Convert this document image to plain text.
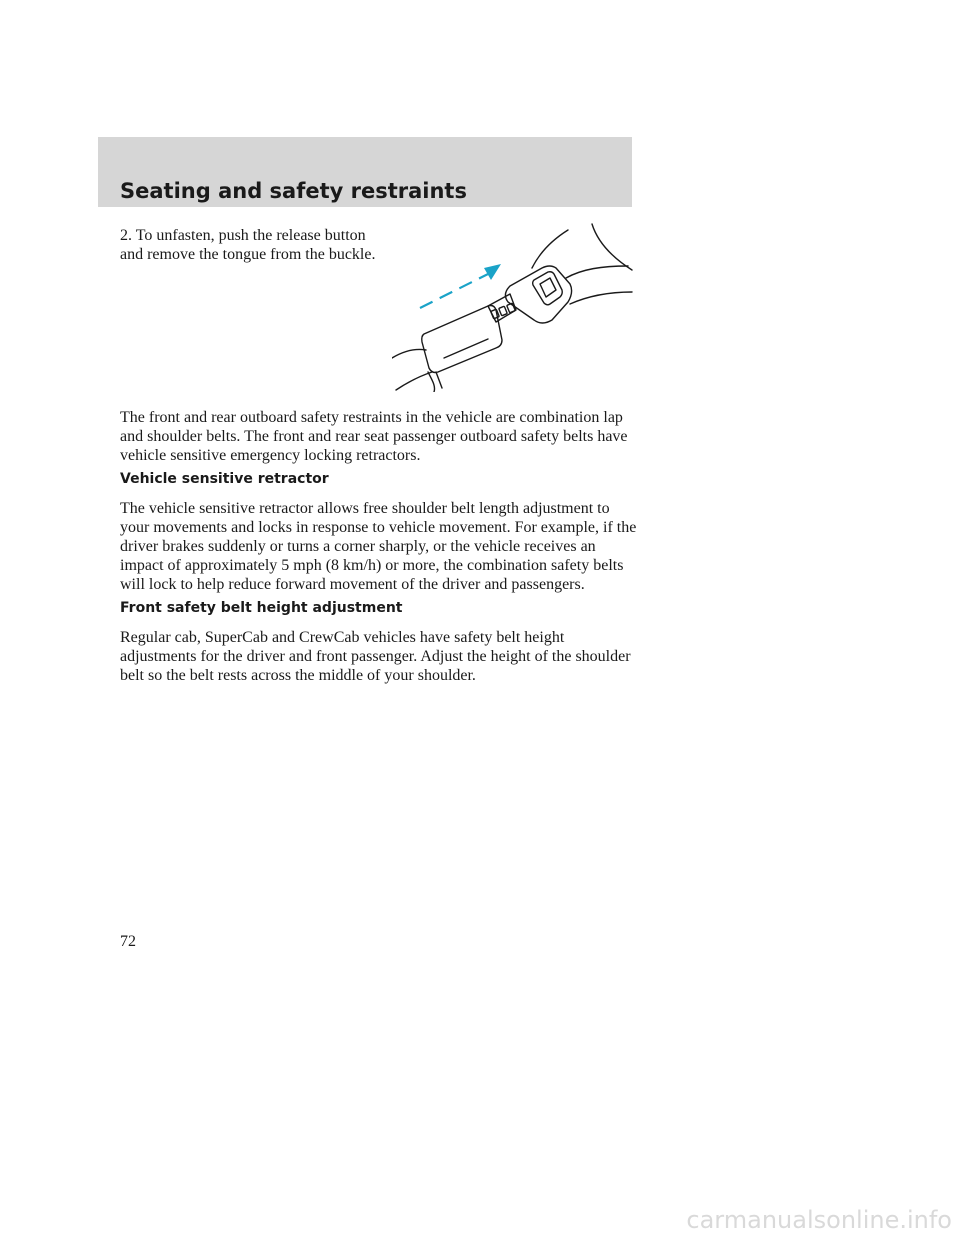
Seating and safety restraints

2. To unfasten, push the release button and remove the tongue from the buckle.

The front and rear outboard safety restraints in the vehicle are combination lap and shoulder belts. The front and rear seat passenger outboard safety belts have vehicle sensitive emergency locking retractors.

Vehicle sensitive retractor

The vehicle sensitive retractor allows free shoulder belt length adjustment to your movements and locks in response to vehicle movement. For example, if the driver brakes suddenly or turns a corner sharply, or the vehicle receives an impact of approximately 5 mph (8 km/h) or more, the combination safety belts will lock to help reduce forward movement of the driver and passengers.

Front safety belt height adjustment

Regular cab, SuperCab and CrewCab vehicles have safety belt height adjustments for the driver and front passenger. Adjust the height of the shoulder belt so the belt rests across the middle of your shoulder.

72

carmanualsonline.info
